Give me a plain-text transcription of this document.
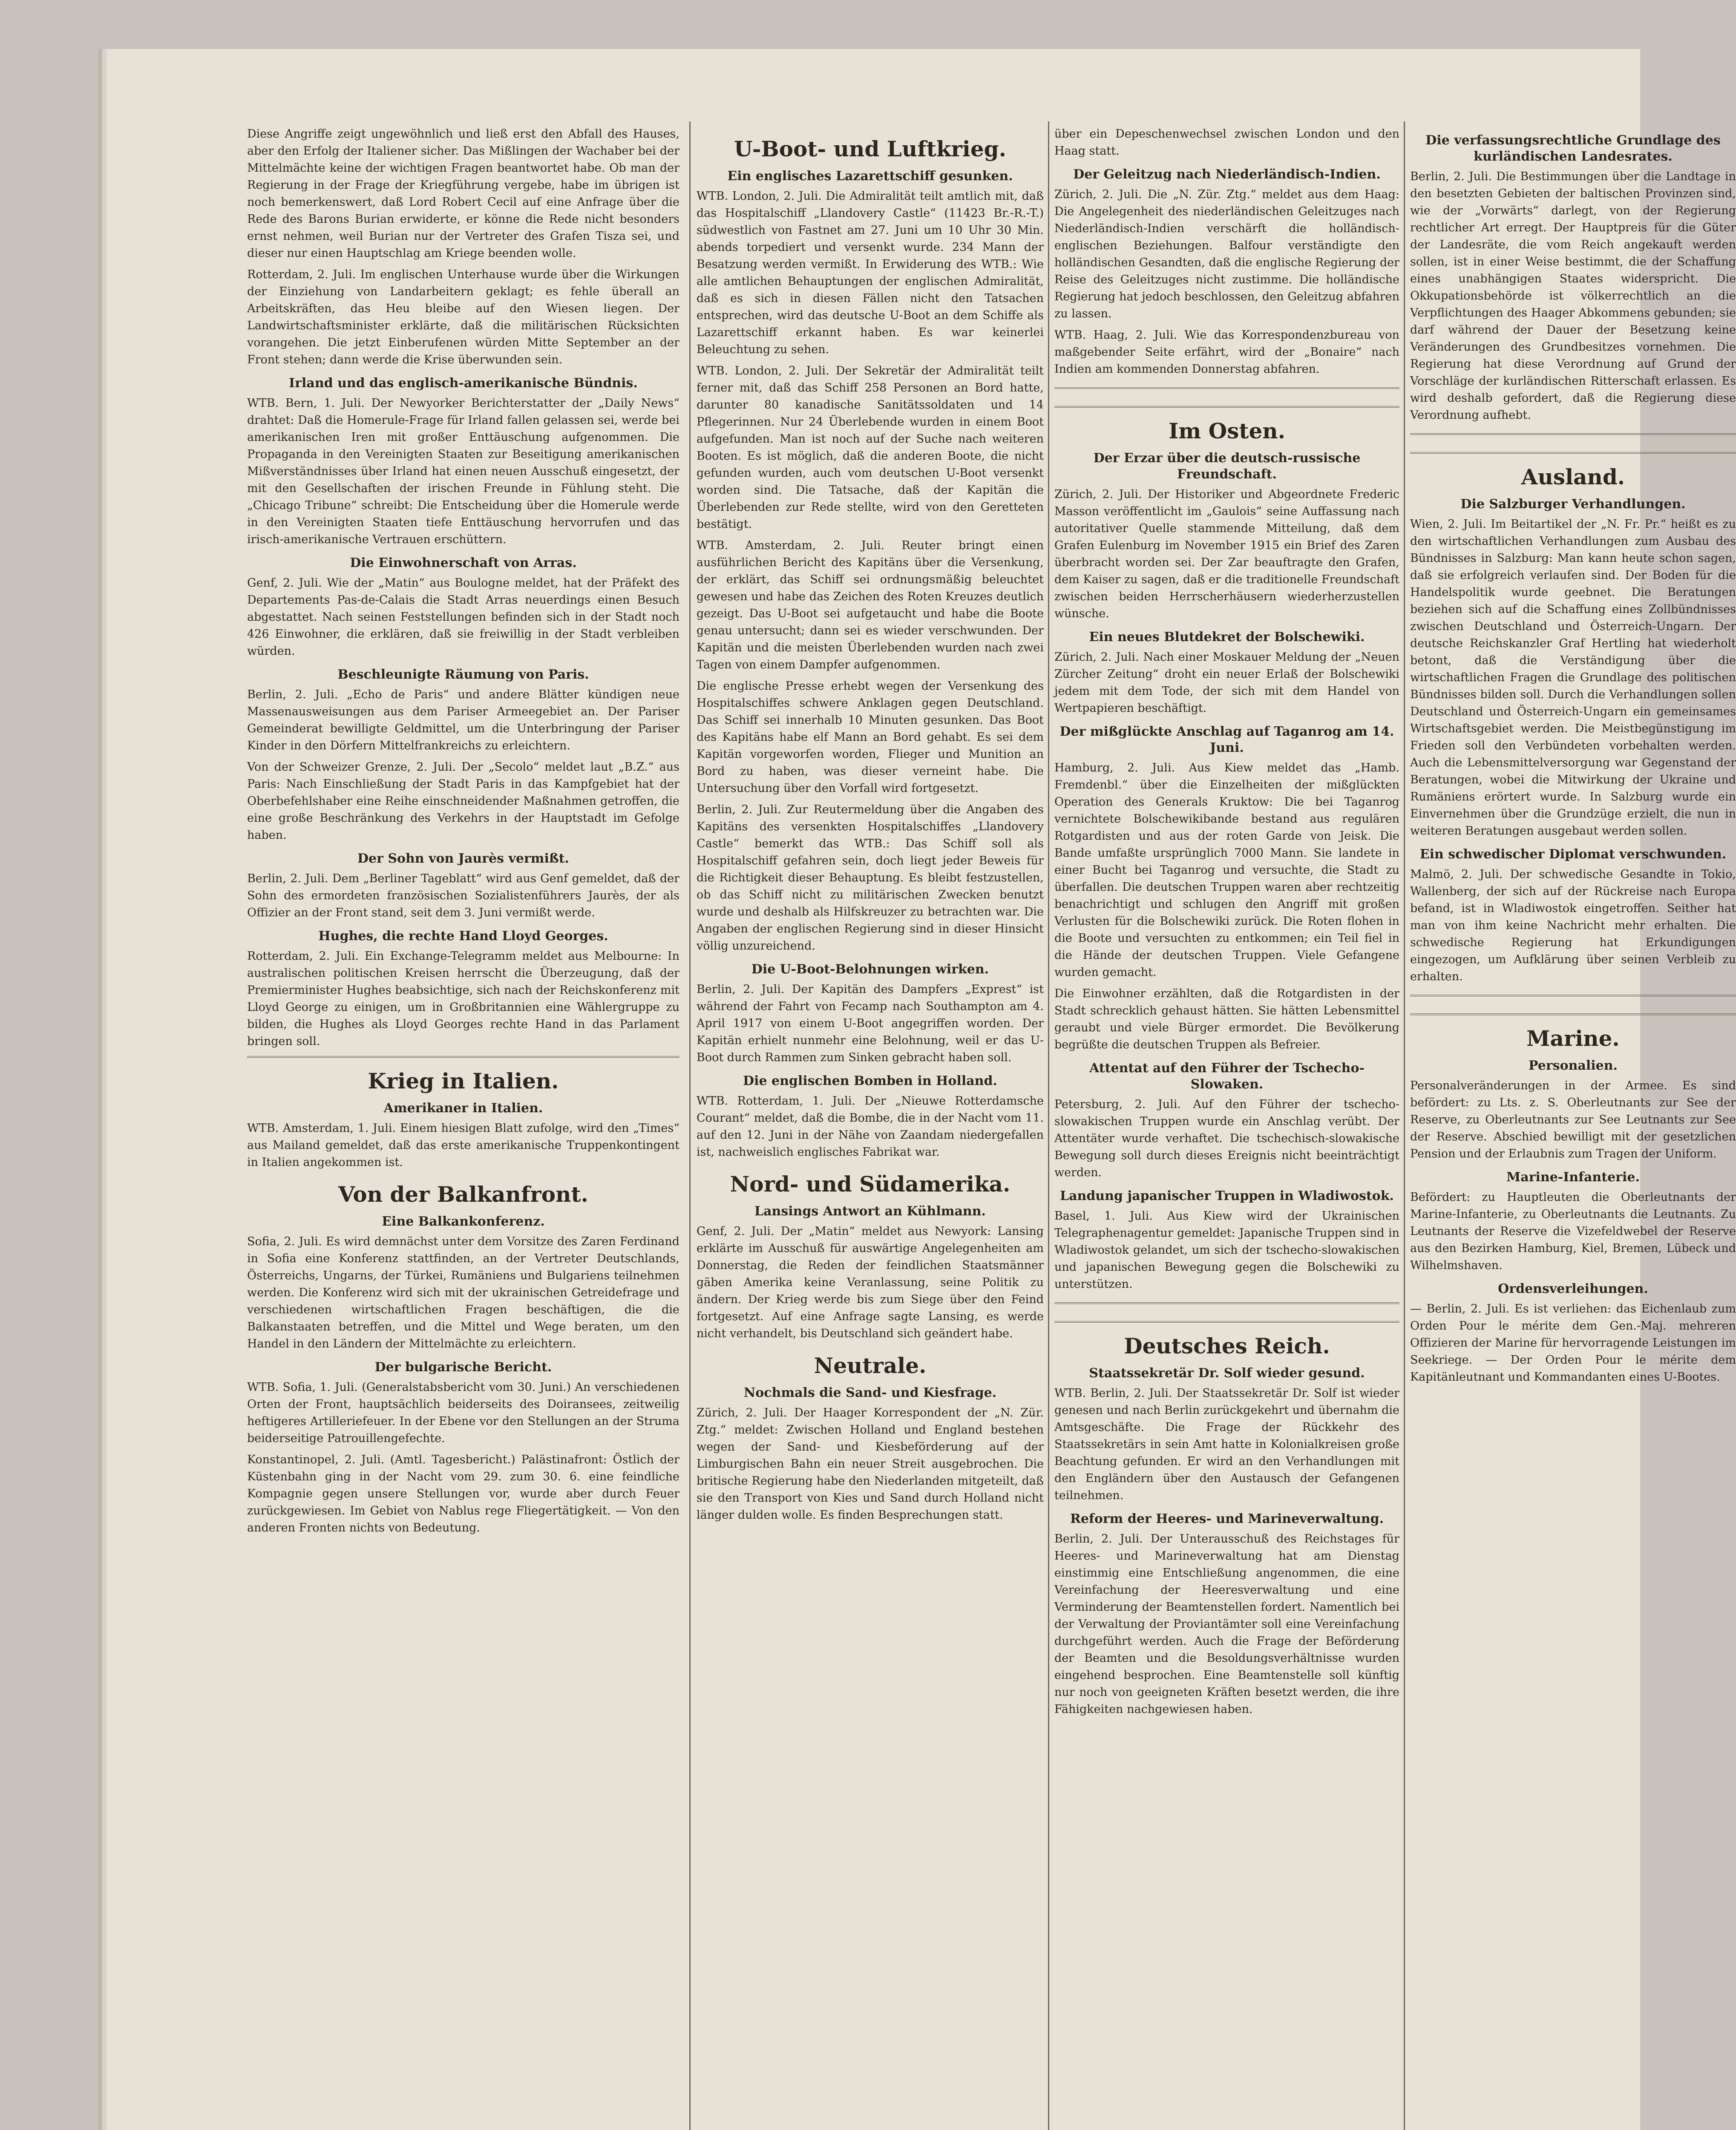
Diese Angriffe zeigt ungewöhnlich und ließ erst den Abfall des Hauses, aber den Erfolg der Italiener sicher. Das Mißlingen der Wachaber bei der Mittelmächte keine der wichtigen Fragen beantwortet habe. Ob man der Regierung in der Frage der Kriegführung vergebe, habe im übrigen ist noch bemerkenswert, daß Lord Robert Cecil auf eine Anfrage über die Rede des Barons Burian erwiderte, er könne die Rede nicht besonders ernst nehmen, weil Burian nur der Vertreter des Grafen Tisza sei, und dieser nur einen Hauptschlag am Kriege beenden wolle.

Rotterdam, 2. Juli. Im englischen Unterhause wurde über die Wirkungen der Einziehung von Landarbeitern geklagt; es fehle überall an Arbeitskräften, das Heu bleibe auf den Wiesen liegen. Der Landwirtschaftsminister erklärte, daß die militärischen Rücksichten vorangehen. Die jetzt Einberufenen würden Mitte September an der Front stehen; dann werde die Krise überwunden sein.

Irland und das englisch-amerikanische Bündnis.

WTB. Bern, 1. Juli. Der Newyorker Berichterstatter der „Daily News“ drahtet: Daß die Homerule-Frage für Irland fallen gelassen sei, werde bei amerikanischen Iren mit großer Enttäuschung aufgenommen. Die Propaganda in den Vereinigten Staaten zur Beseitigung amerikanischen Mißverständnisses über Irland hat einen neuen Ausschuß eingesetzt, der mit den Gesellschaften der irischen Freunde in Fühlung steht. Die „Chicago Tribune“ schreibt: Die Entscheidung über die Homerule werde in den Vereinigten Staaten tiefe Enttäuschung hervorrufen und das irisch-amerikanische Vertrauen erschüttern.

Die Einwohnerschaft von Arras.

Genf, 2. Juli. Wie der „Matin“ aus Boulogne meldet, hat der Präfekt des Departements Pas-de-Calais die Stadt Arras neuerdings einen Besuch abgestattet. Nach seinen Feststellungen befinden sich in der Stadt noch 426 Einwohner, die erklären, daß sie freiwillig in der Stadt verbleiben würden.

Beschleunigte Räumung von Paris.

Berlin, 2. Juli. „Echo de Paris“ und andere Blätter kündigen neue Massenausweisungen aus dem Pariser Armeegebiet an. Der Pariser Gemeinderat bewilligte Geldmittel, um die Unterbringung der Pariser Kinder in den Dörfern Mittelfrankreichs zu erleichtern.

Von der Schweizer Grenze, 2. Juli. Der „Secolo“ meldet laut „B.Z.“ aus Paris: Nach Einschließung der Stadt Paris in das Kampfgebiet hat der Oberbefehlshaber eine Reihe einschneidender Maßnahmen getroffen, die eine große Beschränkung des Verkehrs in der Hauptstadt im Gefolge haben.

Der Sohn von Jaurès vermißt.

Berlin, 2. Juli. Dem „Berliner Tageblatt“ wird aus Genf gemeldet, daß der Sohn des ermordeten französischen Sozialistenführers Jaurès, der als Offizier an der Front stand, seit dem 3. Juni vermißt werde.

Hughes, die rechte Hand Lloyd Georges.

Rotterdam, 2. Juli. Ein Exchange-Telegramm meldet aus Melbourne: In australischen politischen Kreisen herrscht die Überzeugung, daß der Premierminister Hughes beabsichtige, sich nach der Reichskonferenz mit Lloyd George zu einigen, um in Großbritannien eine Wählergruppe zu bilden, die Hughes als Lloyd Georges rechte Hand in das Parlament bringen soll.

Krieg in Italien.
Amerikaner in Italien.

WTB. Amsterdam, 1. Juli. Einem hiesigen Blatt zufolge, wird den „Times“ aus Mailand gemeldet, daß das erste amerikanische Truppenkontingent in Italien angekommen ist.

Von der Balkanfront.
Eine Balkankonferenz.

Sofia, 2. Juli. Es wird demnächst unter dem Vorsitze des Zaren Ferdinand in Sofia eine Konferenz stattfinden, an der Vertreter Deutschlands, Österreichs, Ungarns, der Türkei, Rumäniens und Bulgariens teilnehmen werden. Die Konferenz wird sich mit der ukrainischen Getreidefrage und verschiedenen wirtschaftlichen Fragen beschäftigen, die die Balkanstaaten betreffen, und die Mittel und Wege beraten, um den Handel in den Ländern der Mittelmächte zu erleichtern.

Der bulgarische Bericht.

WTB. Sofia, 1. Juli. (Generalstabsbericht vom 30. Juni.) An verschiedenen Orten der Front, hauptsächlich beiderseits des Doiransees, zeitweilig heftigeres Artilleriefeuer. In der Ebene vor den Stellungen an der Struma beiderseitige Patrouillengefechte.

Konstantinopel, 2. Juli. (Amtl. Tagesbericht.) Palästinafront: Östlich der Küstenbahn ging in der Nacht vom 29. zum 30. 6. eine feindliche Kompagnie gegen unsere Stellungen vor, wurde aber durch Feuer zurückgewiesen. Im Gebiet von Nablus rege Fliegertätigkeit. — Von den anderen Fronten nichts von Bedeutung.

U-Boot- und Luftkrieg.
Ein englisches Lazarettschiff gesunken.

WTB. London, 2. Juli. Die Admiralität teilt amtlich mit, daß das Hospitalschiff „Llandovery Castle“ (11423 Br.-R.-T.) südwestlich von Fastnet am 27. Juni um 10 Uhr 30 Min. abends torpediert und versenkt wurde. 234 Mann der Besatzung werden vermißt. In Erwiderung des WTB.: Wie alle amtlichen Behauptungen der englischen Admiralität, daß es sich in diesen Fällen nicht den Tatsachen entsprechen, wird das deutsche U-Boot an dem Schiffe als Lazarettschiff erkannt haben. Es war keinerlei Beleuchtung zu sehen.

WTB. London, 2. Juli. Der Sekretär der Admiralität teilt ferner mit, daß das Schiff 258 Personen an Bord hatte, darunter 80 kanadische Sanitätssoldaten und 14 Pflegerinnen. Nur 24 Überlebende wurden in einem Boot aufgefunden. Man ist noch auf der Suche nach weiteren Booten. Es ist möglich, daß die anderen Boote, die nicht gefunden wurden, auch vom deutschen U-Boot versenkt worden sind. Die Tatsache, daß der Kapitän die Überlebenden zur Rede stellte, wird von den Geretteten bestätigt.

WTB. Amsterdam, 2. Juli. Reuter bringt einen ausführlichen Bericht des Kapitäns über die Versenkung, der erklärt, das Schiff sei ordnungsmäßig beleuchtet gewesen und habe das Zeichen des Roten Kreuzes deutlich gezeigt. Das U-Boot sei aufgetaucht und habe die Boote genau untersucht; dann sei es wieder verschwunden. Der Kapitän und die meisten Überlebenden wurden nach zwei Tagen von einem Dampfer aufgenommen.

Die englische Presse erhebt wegen der Versenkung des Hospitalschiffes schwere Anklagen gegen Deutschland. Das Schiff sei innerhalb 10 Minuten gesunken. Das Boot des Kapitäns habe elf Mann an Bord gehabt. Es sei dem Kapitän vorgeworfen worden, Flieger und Munition an Bord zu haben, was dieser verneint habe. Die Untersuchung über den Vorfall wird fortgesetzt.

Berlin, 2. Juli. Zur Reutermeldung über die Angaben des Kapitäns des versenkten Hospitalschiffes „Llandovery Castle“ bemerkt das WTB.: Das Schiff soll als Hospitalschiff gefahren sein, doch liegt jeder Beweis für die Richtigkeit dieser Behauptung. Es bleibt festzustellen, ob das Schiff nicht zu militärischen Zwecken benutzt wurde und deshalb als Hilfskreuzer zu betrachten war. Die Angaben der englischen Regierung sind in dieser Hinsicht völlig unzureichend.

Die U-Boot-Belohnungen wirken.

Berlin, 2. Juli. Der Kapitän des Dampfers „Exprest“ ist während der Fahrt von Fecamp nach Southampton am 4. April 1917 von einem U-Boot angegriffen worden. Der Kapitän erhielt nunmehr eine Belohnung, weil er das U-Boot durch Rammen zum Sinken gebracht haben soll.

Die englischen Bomben in Holland.

WTB. Rotterdam, 1. Juli. Der „Nieuwe Rotterdamsche Courant“ meldet, daß die Bombe, die in der Nacht vom 11. auf den 12. Juni in der Nähe von Zaandam niedergefallen ist, nachweislich englisches Fabrikat war.

Nord- und Südamerika.
Lansings Antwort an Kühlmann.

Genf, 2. Juli. Der „Matin“ meldet aus Newyork: Lansing erklärte im Ausschuß für auswärtige Angelegenheiten am Donnerstag, die Reden der feindlichen Staatsmänner gäben Amerika keine Veranlassung, seine Politik zu ändern. Der Krieg werde bis zum Siege über den Feind fortgesetzt. Auf eine Anfrage sagte Lansing, es werde nicht verhandelt, bis Deutschland sich geändert habe.

Neutrale.
Nochmals die Sand- und Kiesfrage.

Zürich, 2. Juli. Der Haager Korrespondent der „N. Zür. Ztg.“ meldet: Zwischen Holland und England bestehen wegen der Sand- und Kiesbeförderung auf der Limburgischen Bahn ein neuer Streit ausgebrochen. Die britische Regierung habe den Niederlanden mitgeteilt, daß sie den Transport von Kies und Sand durch Holland nicht länger dulden wolle. Es finden Besprechungen statt.

über ein Depeschenwechsel zwischen London und den Haag statt.

Der Geleitzug nach Niederländisch-Indien.

Zürich, 2. Juli. Die „N. Zür. Ztg.“ meldet aus dem Haag: Die Angelegenheit des niederländischen Geleitzuges nach Niederländisch-Indien verschärft die holländisch-englischen Beziehungen. Balfour verständigte den holländischen Gesandten, daß die englische Regierung der Reise des Geleitzuges nicht zustimme. Die holländische Regierung hat jedoch beschlossen, den Geleitzug abfahren zu lassen.

WTB. Haag, 2. Juli. Wie das Korrespondenzbureau von maßgebender Seite erfährt, wird der „Bonaire“ nach Indien am kommenden Donnerstag abfahren.

Im Osten.
Der Erzar über die deutsch-russische Freundschaft.

Zürich, 2. Juli. Der Historiker und Abgeordnete Frederic Masson veröffentlicht im „Gaulois“ seine Auffassung nach autoritativer Quelle stammende Mitteilung, daß dem Grafen Eulenburg im November 1915 ein Brief des Zaren überbracht worden sei. Der Zar beauftragte den Grafen, dem Kaiser zu sagen, daß er die traditionelle Freundschaft zwischen beiden Herrscherhäusern wiederherzustellen wünsche.

Ein neues Blutdekret der Bolschewiki.

Zürich, 2. Juli. Nach einer Moskauer Meldung der „Neuen Zürcher Zeitung“ droht ein neuer Erlaß der Bolschewiki jedem mit dem Tode, der sich mit dem Handel von Wertpapieren beschäftigt.

Der mißglückte Anschlag auf Taganrog am 14. Juni.

Hamburg, 2. Juli. Aus Kiew meldet das „Hamb. Fremdenbl.“ über die Einzelheiten der mißglückten Operation des Generals Kruktow: Die bei Taganrog vernichtete Bolschewikibande bestand aus regulären Rotgardisten und aus der roten Garde von Jeisk. Die Bande umfaßte ursprünglich 7000 Mann. Sie landete in einer Bucht bei Taganrog und versuchte, die Stadt zu überfallen. Die deutschen Truppen waren aber rechtzeitig benachrichtigt und schlugen den Angriff mit großen Verlusten für die Bolschewiki zurück. Die Roten flohen in die Boote und versuchten zu entkommen; ein Teil fiel in die Hände der deutschen Truppen. Viele Gefangene wurden gemacht.

Die Einwohner erzählten, daß die Rotgardisten in der Stadt schrecklich gehaust hätten. Sie hätten Lebensmittel geraubt und viele Bürger ermordet. Die Bevölkerung begrüßte die deutschen Truppen als Befreier.

Attentat auf den Führer der Tschecho-Slowaken.

Petersburg, 2. Juli. Auf den Führer der tschecho-slowakischen Truppen wurde ein Anschlag verübt. Der Attentäter wurde verhaftet. Die tschechisch-slowakische Bewegung soll durch dieses Ereignis nicht beeinträchtigt werden.

Landung japanischer Truppen in Wladiwostok.

Basel, 1. Juli. Aus Kiew wird der Ukrainischen Telegraphenagentur gemeldet: Japanische Truppen sind in Wladiwostok gelandet, um sich der tschecho-slowakischen und japanischen Bewegung gegen die Bolschewiki zu unterstützen.

Deutsches Reich.
Staatssekretär Dr. Solf wieder gesund.

WTB. Berlin, 2. Juli. Der Staatssekretär Dr. Solf ist wieder genesen und nach Berlin zurückgekehrt und übernahm die Amtsgeschäfte. Die Frage der Rückkehr des Staatssekretärs in sein Amt hatte in Kolonialkreisen große Beachtung gefunden. Er wird an den Verhandlungen mit den Engländern über den Austausch der Gefangenen teilnehmen.

Reform der Heeres- und Marineverwaltung.

Berlin, 2. Juli. Der Unterausschuß des Reichstages für Heeres- und Marineverwaltung hat am Dienstag einstimmig eine Entschließung angenommen, die eine Vereinfachung der Heeresverwaltung und eine Verminderung der Beamtenstellen fordert. Namentlich bei der Verwaltung der Proviantämter soll eine Vereinfachung durchgeführt werden. Auch die Frage der Beförderung der Beamten und die Besoldungsverhältnisse wurden eingehend besprochen. Eine Beamtenstelle soll künftig nur noch von geeigneten Kräften besetzt werden, die ihre Fähigkeiten nachgewiesen haben.

Die verfassungsrechtliche Grundlage des kurländischen Landesrates.

Berlin, 2. Juli. Die Bestimmungen über die Landtage in den besetzten Gebieten der baltischen Provinzen sind, wie der „Vorwärts“ darlegt, von der Regierung rechtlicher Art erregt. Der Hauptpreis für die Güter der Landesräte, die vom Reich angekauft werden sollen, ist in einer Weise bestimmt, die der Schaffung eines unabhängigen Staates widerspricht. Die Okkupationsbehörde ist völkerrechtlich an die Verpflichtungen des Haager Abkommens gebunden; sie darf während der Dauer der Besetzung keine Veränderungen des Grundbesitzes vornehmen. Die Regierung hat diese Verordnung auf Grund der Vorschläge der kurländischen Ritterschaft erlassen. Es wird deshalb gefordert, daß die Regierung diese Verordnung aufhebt.

Ausland.
Die Salzburger Verhandlungen.

Wien, 2. Juli. Im Beitartikel der „N. Fr. Pr.“ heißt es zu den wirtschaftlichen Verhandlungen zum Ausbau des Bündnisses in Salzburg: Man kann heute schon sagen, daß sie erfolgreich verlaufen sind. Der Boden für die Handelspolitik wurde geebnet. Die Beratungen beziehen sich auf die Schaffung eines Zollbündnisses zwischen Deutschland und Österreich-Ungarn. Der deutsche Reichskanzler Graf Hertling hat wiederholt betont, daß die Verständigung über die wirtschaftlichen Fragen die Grundlage des politischen Bündnisses bilden soll. Durch die Verhandlungen sollen Deutschland und Österreich-Ungarn ein gemeinsames Wirtschaftsgebiet werden. Die Meistbegünstigung im Frieden soll den Verbündeten vorbehalten werden. Auch die Lebensmittelversorgung war Gegenstand der Beratungen, wobei die Mitwirkung der Ukraine und Rumäniens erörtert wurde. In Salzburg wurde ein Einvernehmen über die Grundzüge erzielt, die nun in weiteren Beratungen ausgebaut werden sollen.

Ein schwedischer Diplomat verschwunden.

Malmö, 2. Juli. Der schwedische Gesandte in Tokio, Wallenberg, der sich auf der Rückreise nach Europa befand, ist in Wladiwostok eingetroffen. Seither hat man von ihm keine Nachricht mehr erhalten. Die schwedische Regierung hat Erkundigungen eingezogen, um Aufklärung über seinen Verbleib zu erhalten.

Marine.
Personalien.

Personalveränderungen in der Armee. Es sind befördert: zu Lts. z. S. Oberleutnants zur See der Reserve, zu Oberleutnants zur See Leutnants zur See der Reserve. Abschied bewilligt mit der gesetzlichen Pension und der Erlaubnis zum Tragen der Uniform.

Marine-Infanterie.

Befördert: zu Hauptleuten die Oberleutnants der Marine-Infanterie, zu Oberleutnants die Leutnants. Zu Leutnants der Reserve die Vizefeldwebel der Reserve aus den Bezirken Hamburg, Kiel, Bremen, Lübeck und Wilhelmshaven.

Ordensverleihungen.

— Berlin, 2. Juli. Es ist verliehen: das Eichenlaub zum Orden Pour le mérite dem Gen.-Maj. mehreren Offizieren der Marine für hervorragende Leistungen im Seekriege. — Der Orden Pour le mérite dem Kapitänleutnant und Kommandanten eines U-Bootes.
